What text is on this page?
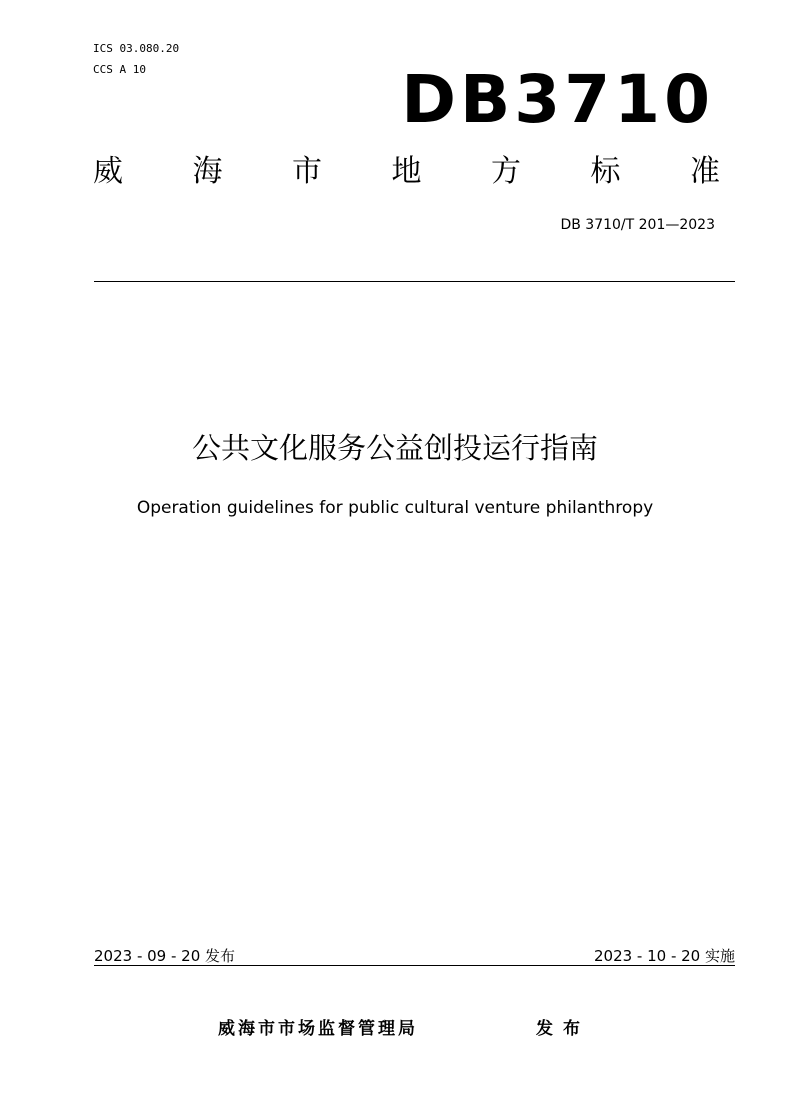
ICS 03.080.20
CCS A 10	DB3710
威 海 市 地 方 标 准
DB 3710/T 201—2023
公共文化服务公益创投运行指南
Operation guidelines for public cultural venture philanthropy
2023 - 09 - 20 发布	2023 - 10 - 20 实施
威海市市场监督管理局	发布
